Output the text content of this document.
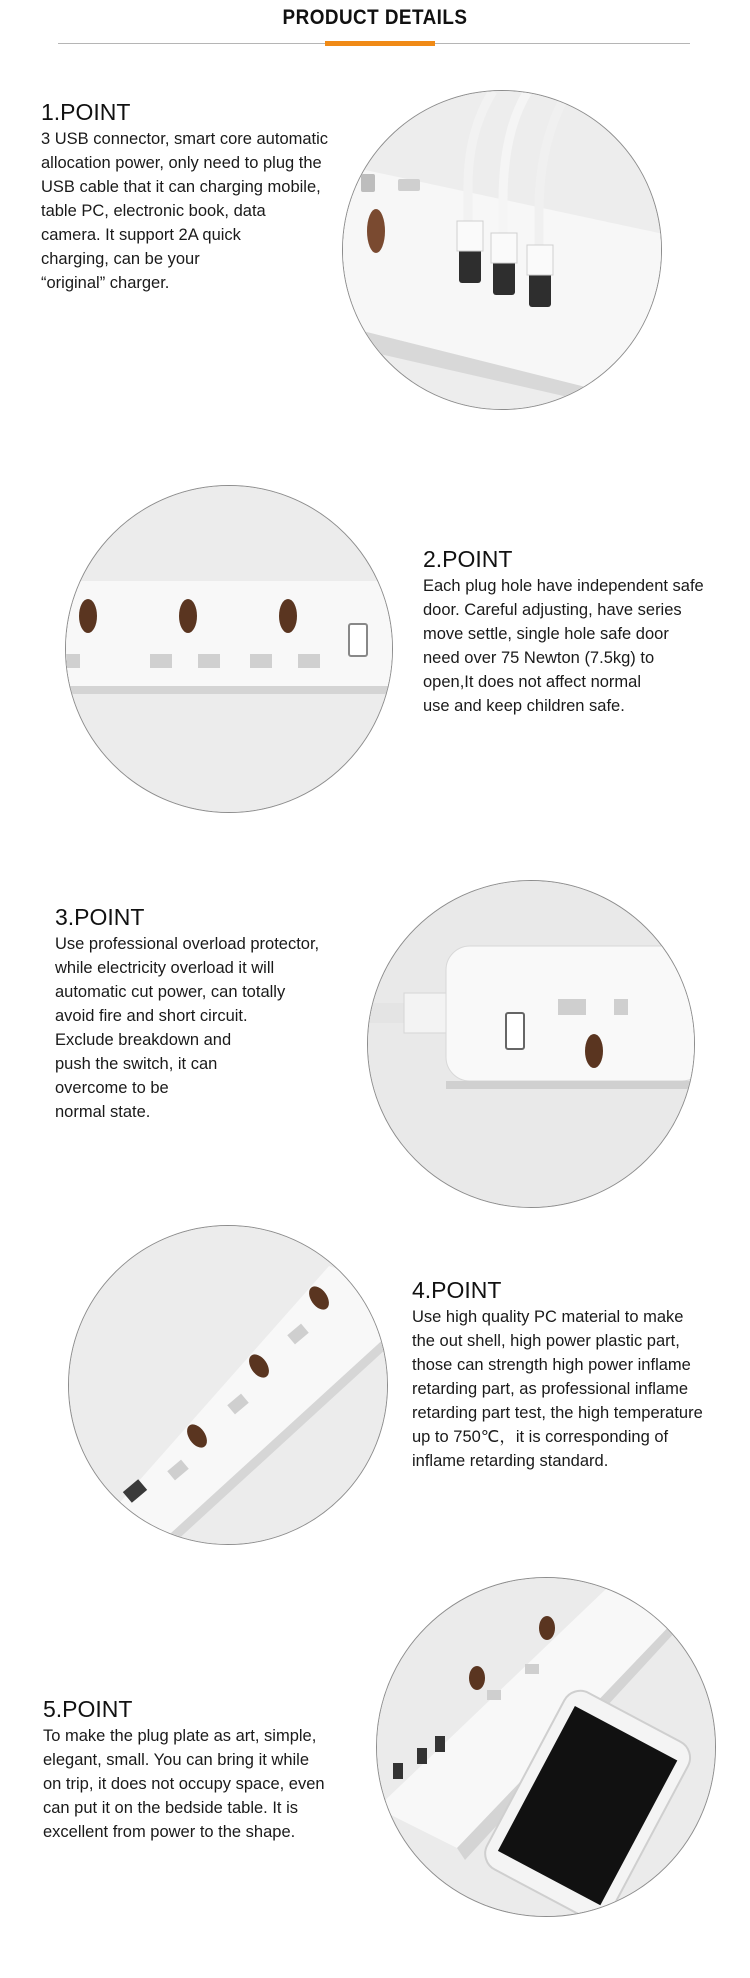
PRODUCT DETAILS
1.POINT
3 USB connector, smart core automatic
allocation power, only need to plug the
USB cable that it can charging mobile,
table PC, electronic book, data
camera. It support 2A quick
charging, can be your
“original” charger.
2.POINT
Each plug hole have independent safe
door. Careful adjusting, have series
move settle, single hole safe door
need over 75 Newton (7.5kg) to
open,It does not affect normal
use and keep children safe.
3.POINT
Use professional overload protector,
while electricity overload it will
automatic cut power, can totally
avoid fire and short circuit.
Exclude breakdown and
push the switch, it can
overcome to be
normal state.
4.POINT
Use high quality PC material to make
the out shell, high power plastic part,
those can strength high power inflame
retarding part, as professional inflame
retarding part test, the high temperature
up to 750℃，it is corresponding of
inflame retarding standard.
5.POINT
To make the plug plate as art, simple,
elegant, small. You can bring it while
on trip, it does not occupy space, even
can put it on the bedside table. It is
excellent from power to the shape.
